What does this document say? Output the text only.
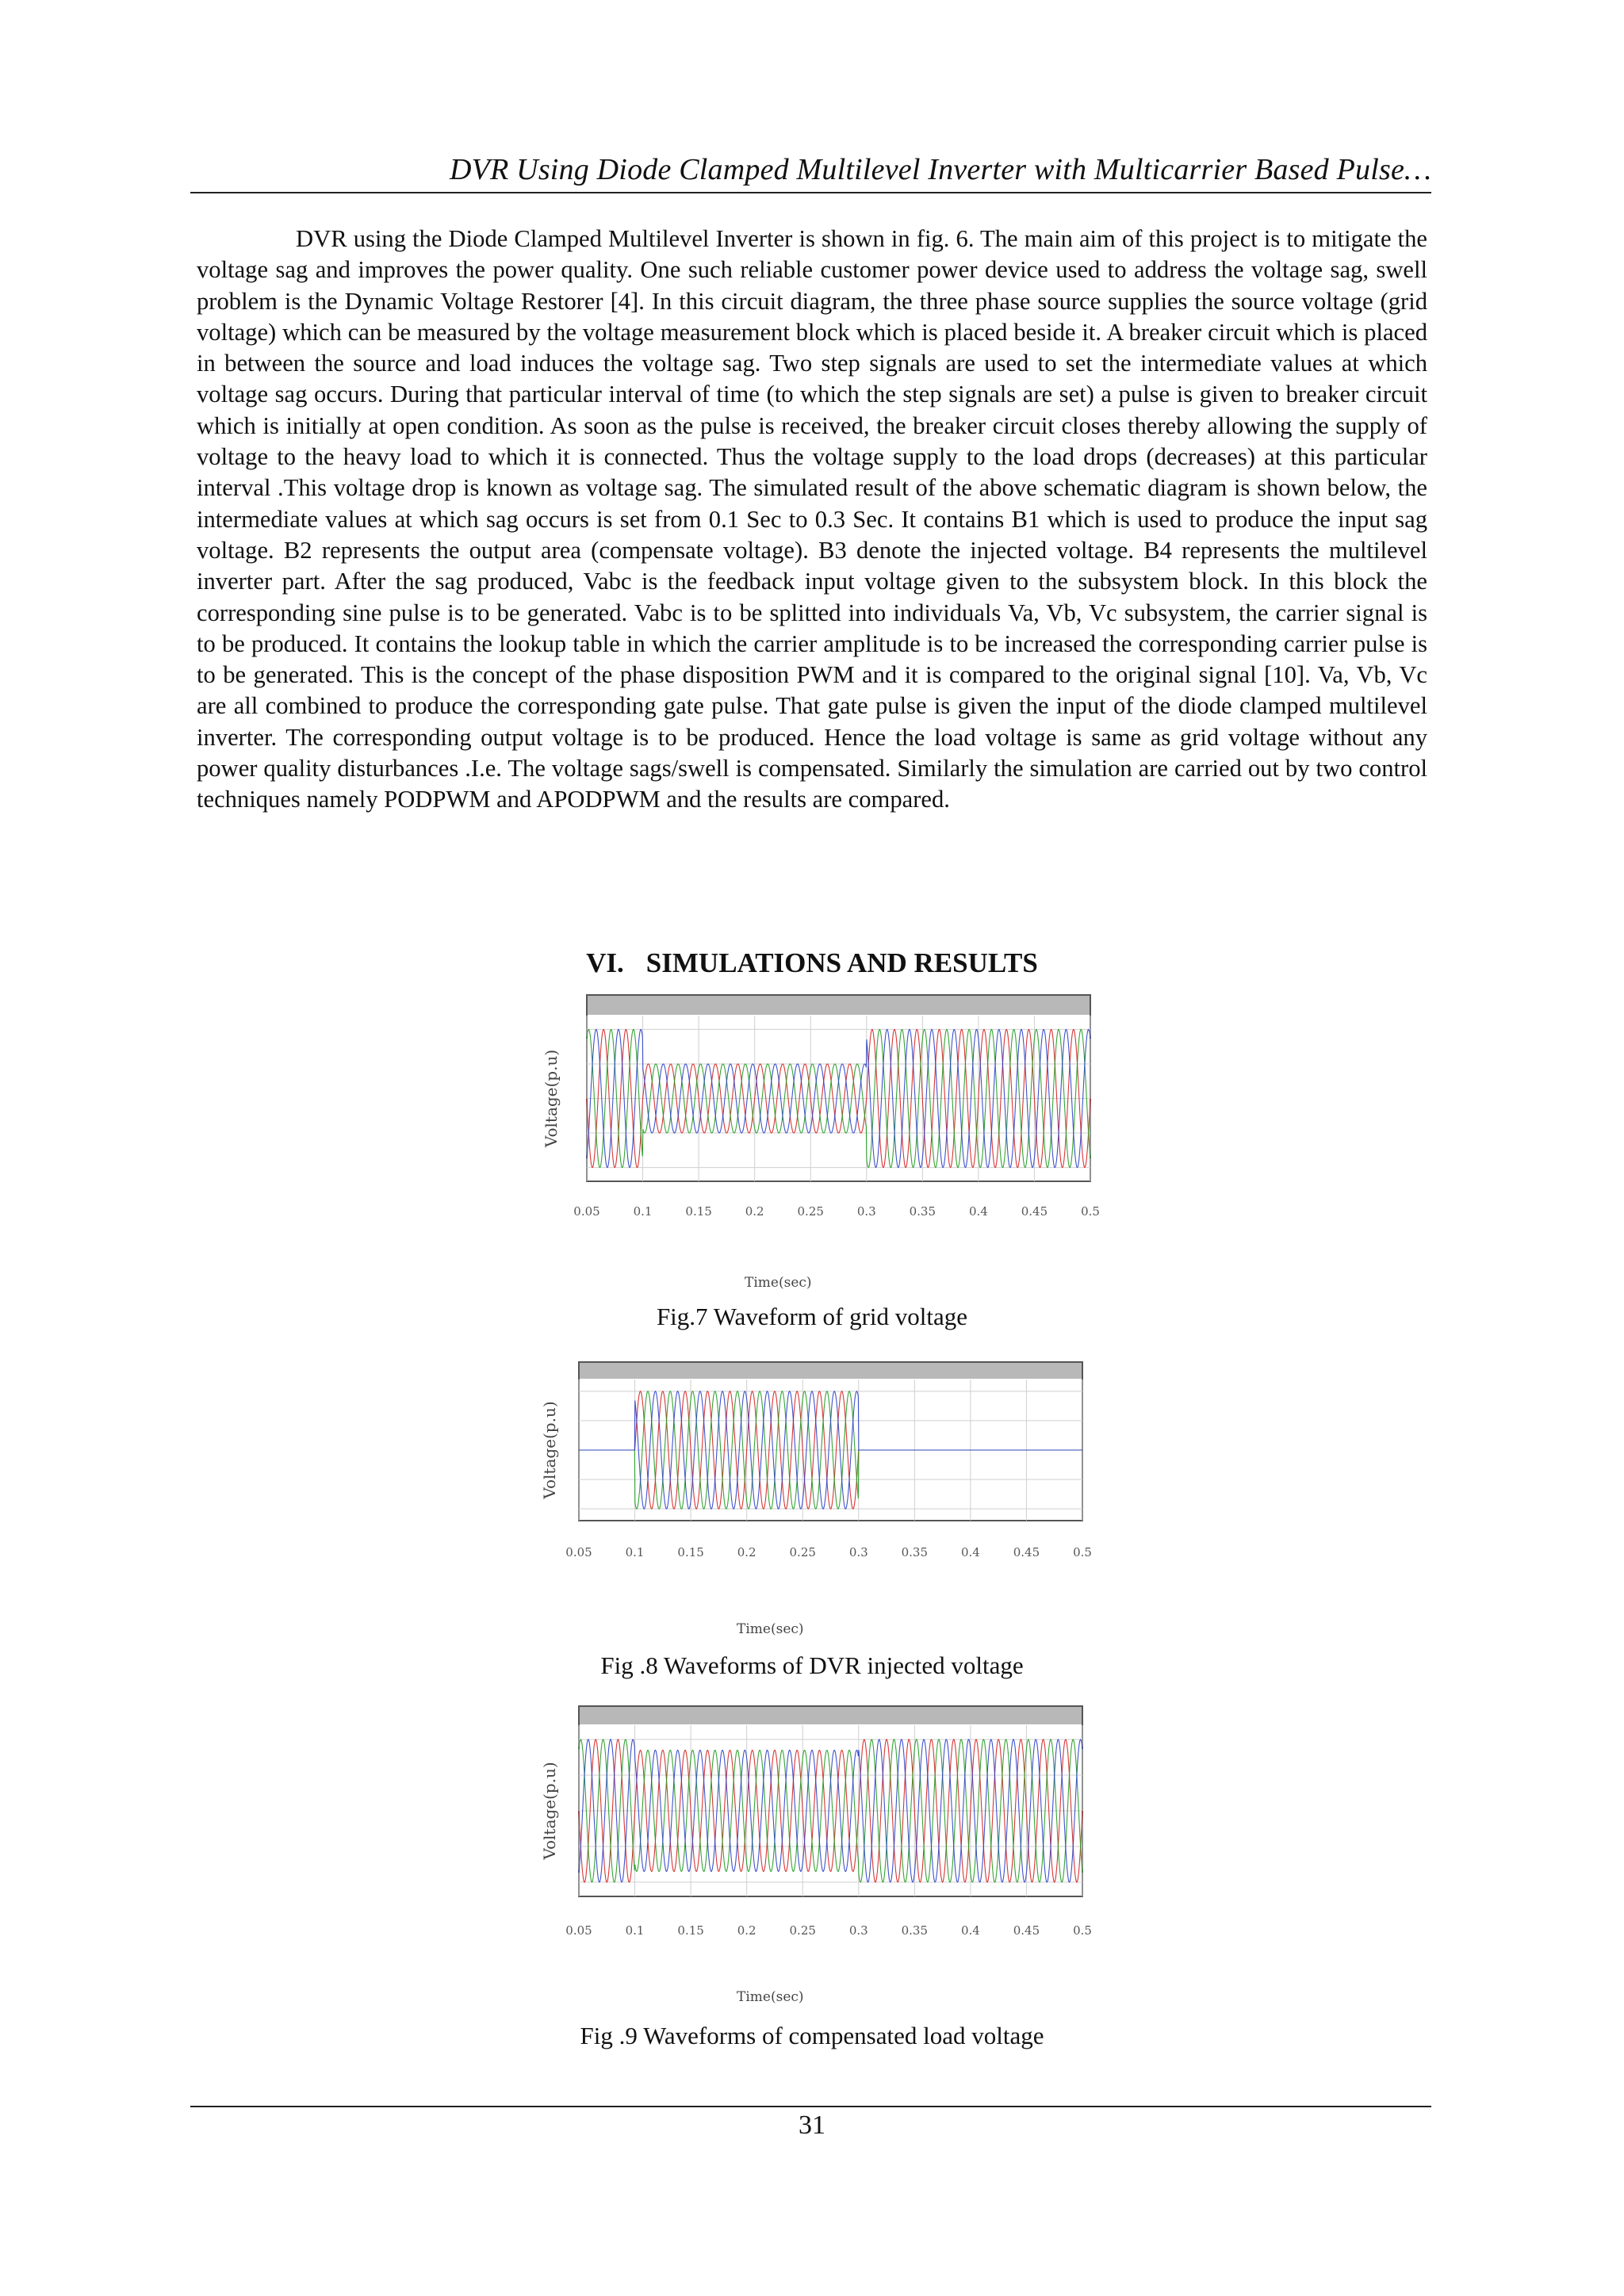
DVR Using Diode Clamped Multilevel Inverter with Multicarrier Based Pulse…

DVR using the Diode Clamped Multilevel Inverter is shown in fig. 6. The main aim of this project is to mitigate the voltage sag and improves the power quality. One such reliable customer power device used to address the voltage sag, swell problem is the Dynamic Voltage Restorer [4]. In this circuit diagram, the three phase source supplies the source voltage (grid voltage) which can be measured by the voltage measurement block which is placed beside it. A breaker circuit which is placed in between the source and load induces the voltage sag. Two step signals are used to set the intermediate values at which voltage sag occurs. During that particular interval of time (to which the step signals are set) a pulse is given to breaker circuit which is initially at open condition. As soon as the pulse is received, the breaker circuit closes thereby allowing the supply of voltage to the heavy load to which it is connected. Thus the voltage supply to the load drops (decreases) at this particular interval .This voltage drop is known as voltage sag. The simulated result of the above schematic diagram is shown below, the intermediate values at which sag occurs is set from 0.1 Sec to 0.3 Sec. It contains B1 which is used to produce the input sag voltage. B2 represents the output area (compensate voltage). B3 denote the injected voltage. B4 represents the multilevel inverter part. After the sag produced, Vabc is the feedback input voltage given to the subsystem block. In this block the corresponding sine pulse is to be generated. Vabc is to be splitted into individuals Va, Vb, Vc subsystem, the carrier signal is to be produced. It contains the lookup table in which the carrier amplitude is to be increased the corresponding carrier pulse is to be generated. This is the concept of the phase disposition PWM and it is compared to the original signal [10]. Va, Vb, Vc are all combined to produce the corresponding gate pulse. That gate pulse is given the input of the diode clamped multilevel inverter. The corresponding output voltage is to be produced. Hence the load voltage is same as grid voltage without any power quality disturbances .I.e. The voltage sags/swell is compensated. Similarly the simulation are carried out by two control techniques namely PODPWM and APODPWM and the results are compared.

VI. SIMULATIONS AND RESULTS
0.05	0.1	0.15	0.2	0.25	0.3	0.35	0.4	0.45	0.5
Time(sec)
Voltage(p.u)
Fig.7 Waveform of grid voltage
0.05	0.1	0.15	0.2	0.25	0.3	0.35	0.4	0.45	0.5
Time(sec)
Voltage(p.u)
Fig .8 Waveforms of DVR injected voltage
0.05	0.1	0.15	0.2	0.25	0.3	0.35	0.4	0.45	0.5
Time(sec)
Voltage(p.u)
Fig .9 Waveforms of compensated load voltage
31
